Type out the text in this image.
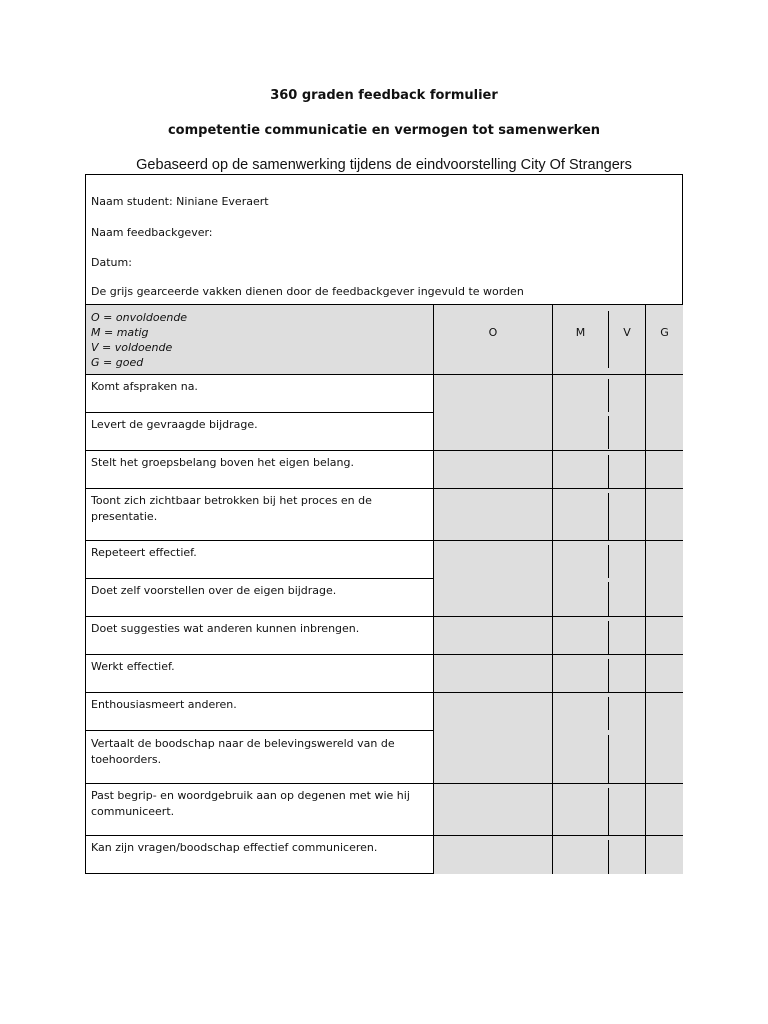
360 graden feedback formulier
competentie communicatie en vermogen tot samenwerken
Gebaseerd op de samenwerking tijdens de eindvoorstelling City Of Strangers
Naam student: Niniane Everaert
Naam feedbackgever:
Datum:
De grijs gearceerde vakken dienen door de feedbackgever ingevuld te worden
O = onvoldoende
M = matig
V = voldoende
G = goed
O	M	V	G
Komt afspraken na.
Levert de gevraagde bijdrage.
Stelt het groepsbelang boven het eigen belang.
Toont zich zichtbaar betrokken bij het proces en de presentatie.
Repeteert effectief.
Doet zelf voorstellen over de eigen bijdrage.
Doet suggesties wat anderen kunnen inbrengen.
Werkt effectief.
Enthousiasmeert anderen.
Vertaalt de boodschap naar de belevingswereld van de toehoorders.
Past begrip- en woordgebruik aan op degenen met wie hij communiceert.
Kan zijn vragen/boodschap effectief communiceren.
